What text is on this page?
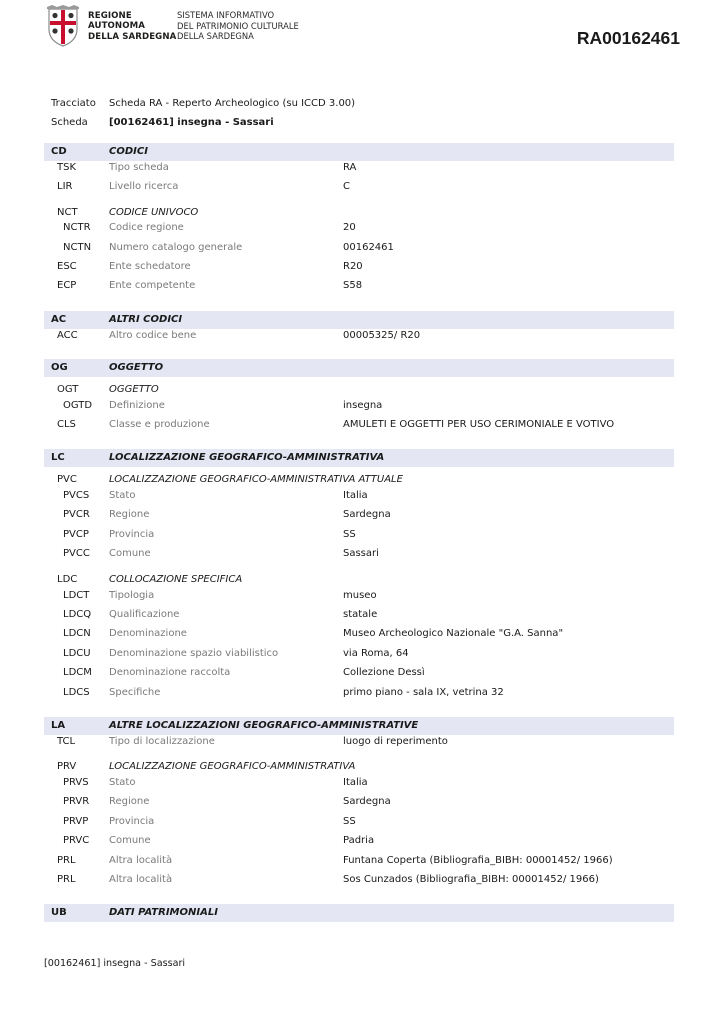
REGIONE
AUTONOMA
DELLA SARDEGNA
SISTEMA INFORMATIVO
DEL PATRIMONIO CULTURALE
DELLA SARDEGNA	RA00162461
Tracciato Scheda RA - Reperto Archeologico (su ICCD 3.00)
Scheda [00162461] insegna - Sassari
CD	CODICI
TSK	Tipo scheda	RA
LIR	Livello ricerca	C
NCT	CODICE UNIVOCO
NCTR Codice regione	20
NCTN Numero catalogo generale	00162461
ESC	Ente schedatore	R20
ECP	Ente competente	S58
AC	ALTRI CODICI
ACC	Altro codice bene	00005325/ R20
OG	OGGETTO
OGT	OGGETTO
OGTD Definizione	insegna
CLS	Classe e produzione	AMULETI E OGGETTI PER USO CERIMONIALE E VOTIVO
LC	LOCALIZZAZIONE GEOGRAFICO-AMMINISTRATIVA
PVC	LOCALIZZAZIONE GEOGRAFICO-AMMINISTRATIVA ATTUALE
PVCS Stato	Italia
PVCR Regione	Sardegna
PVCP Provincia	SS
PVCC Comune	Sassari
LDC	COLLOCAZIONE SPECIFICA
LDCT Tipologia	museo
LDCQ Qualificazione	statale
LDCN Denominazione	Museo Archeologico Nazionale "G.A. Sanna"
LDCU Denominazione spazio viabilistico	via Roma, 64
LDCM Denominazione raccolta	Collezione Dessì
LDCS Specifiche	primo piano - sala IX, vetrina 32
LA	ALTRE LOCALIZZAZIONI GEOGRAFICO-AMMINISTRATIVE
TCL	Tipo di localizzazione	luogo di reperimento
PRV	LOCALIZZAZIONE GEOGRAFICO-AMMINISTRATIVA
PRVS Stato	Italia
PRVR Regione	Sardegna
PRVP Provincia	SS
PRVC Comune	Padria
PRL	Altra località	Funtana Coperta (Bibliografia_BIBH: 00001452/ 1966)
PRL	Altra località	Sos Cunzados (Bibliografia_BIBH: 00001452/ 1966)
UB	DATI PATRIMONIALI
[00162461] insegna - Sassari
